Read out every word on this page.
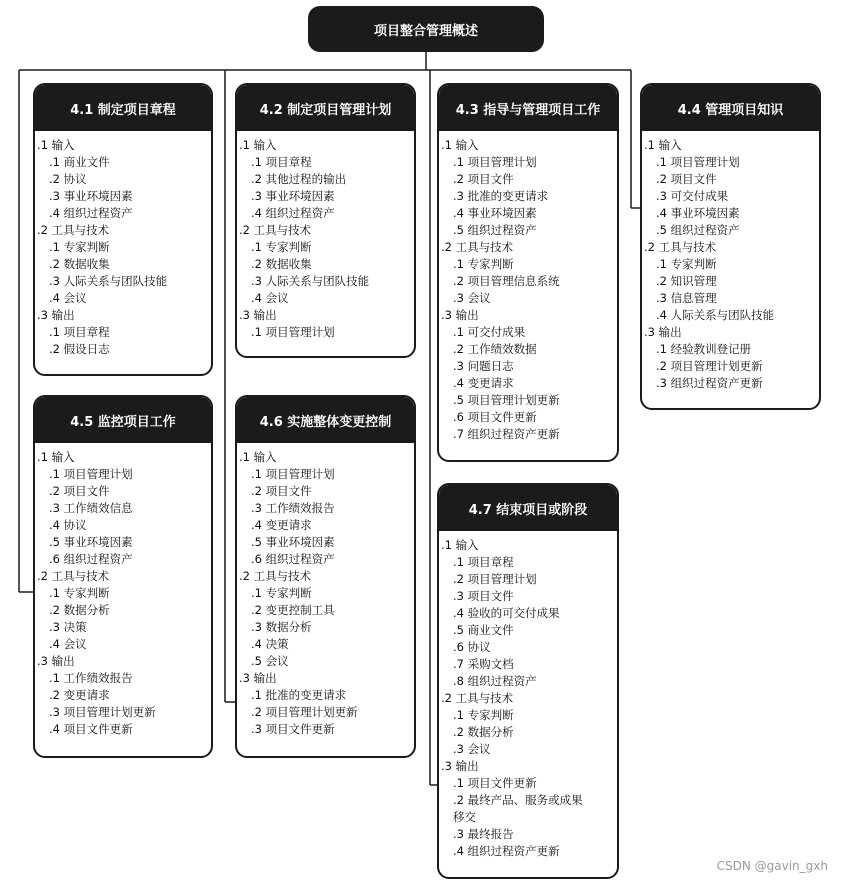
项目整合管理概述
4.1 制定项目章程
.1 输入
.1 商业文件
.2 协议
.3 事业环境因素
.4 组织过程资产
.2 工具与技术
.1 专家判断
.2 数据收集
.3 人际关系与团队技能
.4 会议
.3 输出
.1 项目章程
.2 假设日志
4.2 制定项目管理计划
.1 输入
.1 项目章程
.2 其他过程的输出
.3 事业环境因素
.4 组织过程资产
.2 工具与技术
.1 专家判断
.2 数据收集
.3 人际关系与团队技能
.4 会议
.3 输出
.1 项目管理计划
4.3 指导与管理项目工作
.1 输入
.1 项目管理计划
.2 项目文件
.3 批准的变更请求
.4 事业环境因素
.5 组织过程资产
.2 工具与技术
.1 专家判断
.2 项目管理信息系统
.3 会议
.3 输出
.1 可交付成果
.2 工作绩效数据
.3 问题日志
.4 变更请求
.5 项目管理计划更新
.6 项目文件更新
.7 组织过程资产更新
4.4 管理项目知识
.1 输入
.1 项目管理计划
.2 项目文件
.3 可交付成果
.4 事业环境因素
.5 组织过程资产
.2 工具与技术
.1 专家判断
.2 知识管理
.3 信息管理
.4 人际关系与团队技能
.3 输出
.1 经验教训登记册
.2 项目管理计划更新
.3 组织过程资产更新
4.5 监控项目工作
.1 输入
.1 项目管理计划
.2 项目文件
.3 工作绩效信息
.4 协议
.5 事业环境因素
.6 组织过程资产
.2 工具与技术
.1 专家判断
.2 数据分析
.3 决策
.4 会议
.3 输出
.1 工作绩效报告
.2 变更请求
.3 项目管理计划更新
.4 项目文件更新
4.6 实施整体变更控制
.1 输入
.1 项目管理计划
.2 项目文件
.3 工作绩效报告
.4 变更请求
.5 事业环境因素
.6 组织过程资产
.2 工具与技术
.1 专家判断
.2 变更控制工具
.3 数据分析
.4 决策
.5 会议
.3 输出
.1 批准的变更请求
.2 项目管理计划更新
.3 项目文件更新
4.7 结束项目或阶段
.1 输入
.1 项目章程
.2 项目管理计划
.3 项目文件
.4 验收的可交付成果
.5 商业文件
.6 协议
.7 采购文档
.8 组织过程资产
.2 工具与技术
.1 专家判断
.2 数据分析
.3 会议
.3 输出
.1 项目文件更新
.2 最终产品、服务或成果
移交
.3 最终报告
.4 组织过程资产更新
CSDN @gavin_gxh
